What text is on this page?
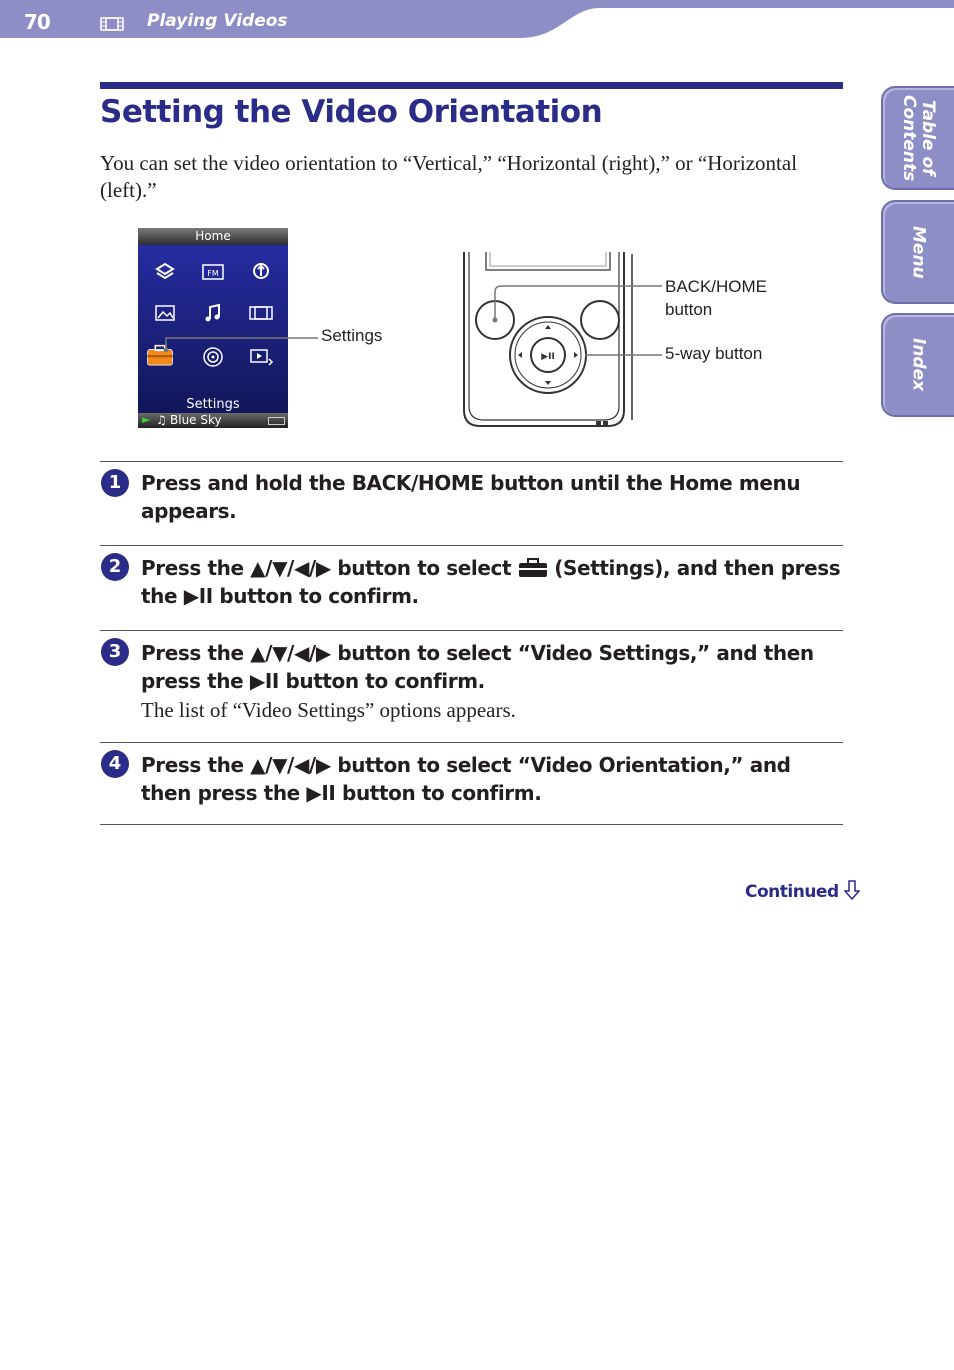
70	Playing Videos
Table of Contents
Menu
Index
Setting the Video Orientation

You can set the video orientation to “Vertical,” “Horizontal (right),” or “Horizontal (left).”

Home
FM
Settings
► ♫ Blue Sky
Settings
▶II
BACK/HOME button
5-way button
1 Press and hold the BACK/HOME button until the Home menu appears.

2 Press the ▲/▼/◀/▶ button to select  (Settings), and then press the ▶II button to confirm.

3 Press the ▲/▼/◀/▶ button to select “Video Settings,” and then press the ▶II button to confirm.

The list of “Video Settings” options appears.

4 Press the ▲/▼/◀/▶ button to select “Video Orientation,” and then press the ▶II button to confirm.

Continued
